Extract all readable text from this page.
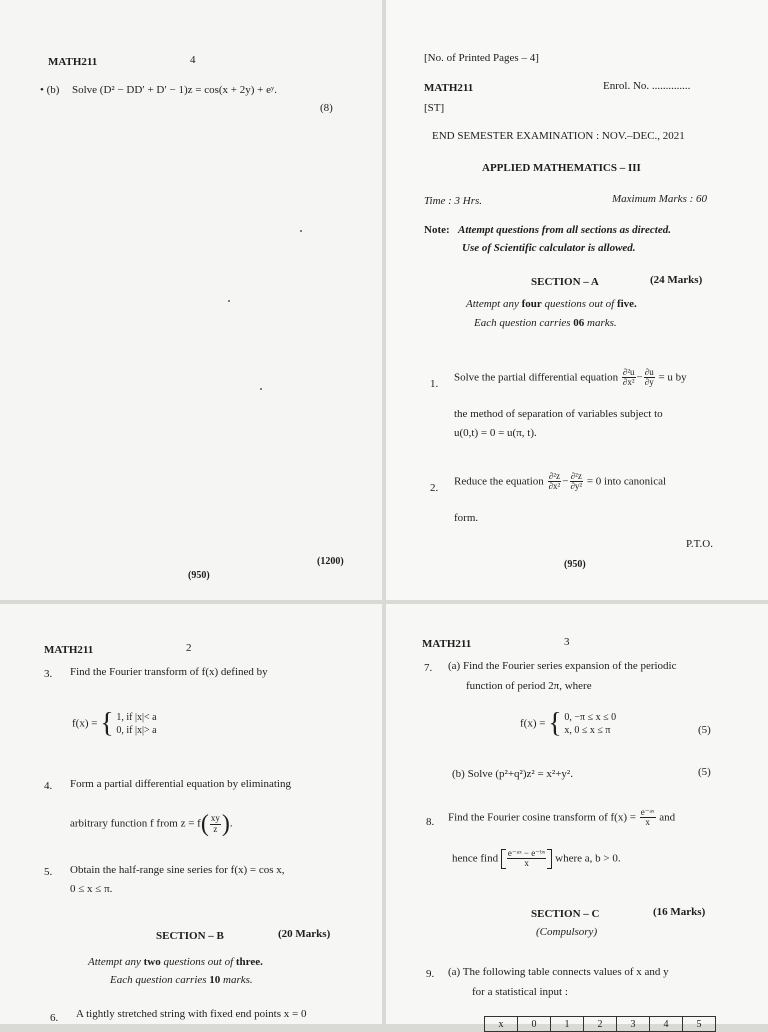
MATH211	4
• (b) Solve (D² − DD′ + D′ − 1)z = cos(x + 2y) + eʸ.
(8)
(1200)
(950)
[No. of Printed Pages – 4]
MATH211	Enrol. No. ..............
[ST]
END SEMESTER EXAMINATION : NOV.–DEC., 2021
APPLIED MATHEMATICS – III
Time : 3 Hrs.	Maximum Marks : 60
Note: Attempt questions from all sections as directed.
Use of Scientific calculator is allowed.
SECTION – A	(24 Marks)
Attempt any four questions out of five.
Each question carries 06 marks.
1.
Solve the partial differential equation $\frac{\text{∂²u}}{\text{∂x²}} - \frac{\partial u}{\partial y} = u$ by
the method of separation of variables subject to
u(0,t) = 0 = u(π, t).
2.
Reduce the equation $\frac{\text{∂²z}}{\text{∂x²}} - \frac{\text{∂²z}}{\text{∂y²}} = 0$ into canonical
form.
P.T.O.
(950)
MATH211	2
3. Find the Fourier transform of f(x) defined by
f(x) = { 1, if |x|< a
0, if |x|> a
4. Form a partial differential equation by eliminating
arbitrary function f from $z = f( \frac{xy}{z}$ ).
5. Obtain the half-range sine series for f(x) = cos x,
0 ≤ x ≤ π.
SECTION – B	(20 Marks)
Attempt any two questions out of three.
Each question carries 10 marks.
6. A tightly stretched string with fixed end points x = 0
MATH211	3
7. (a) Find the Fourier series expansion of the periodic
function of period 2π, where
f(x) = { 0, −π ≤ x ≤ 0
x, 0 ≤ x ≤ π	(5)
(b) Solve (p²+q²)z² = x²+y².	(5)
8. Find the Fourier cosine transform of $f(x) = \frac{\text{e⁻ᵃˣ}}{x}$ and
hence find $\frac{\text{e⁻ᵃˣ − e⁻ᵇˣ}}{x}$ where a, b > 0.
SECTION – C	(16 Marks)
(Compulsory)
9. (a) The following table connects values of x and y
for a statistical input :
x	0	1	2	3	4	5
